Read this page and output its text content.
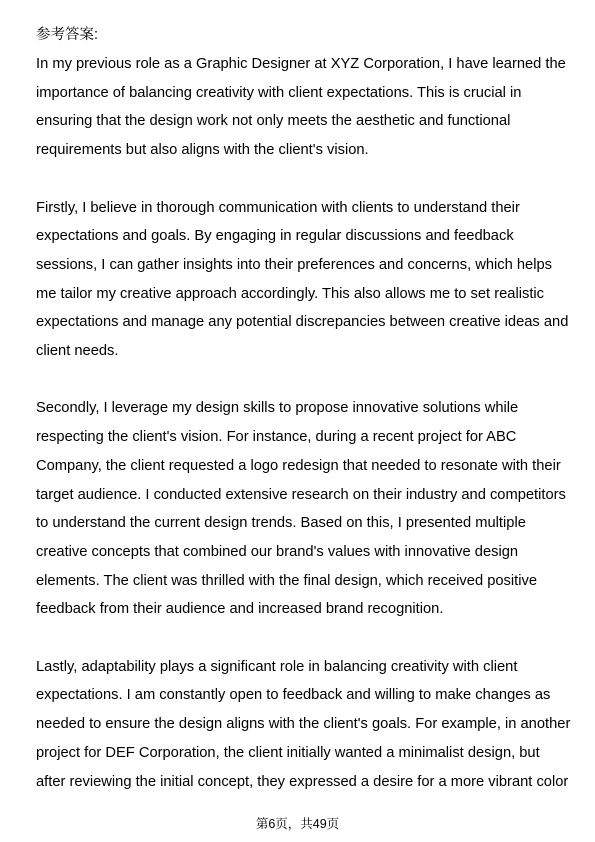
参考答案:
In my previous role as a Graphic Designer at XYZ Corporation, I have learned the
importance of balancing creativity with client expectations. This is crucial in
ensuring that the design work not only meets the aesthetic and functional
requirements but also aligns with the client's vision.
Firstly, I believe in thorough communication with clients to understand their
expectations and goals. By engaging in regular discussions and feedback
sessions, I can gather insights into their preferences and concerns, which helps
me tailor my creative approach accordingly. This also allows me to set realistic
expectations and manage any potential discrepancies between creative ideas and
client needs.
Secondly, I leverage my design skills to propose innovative solutions while
respecting the client's vision. For instance, during a recent project for ABC
Company, the client requested a logo redesign that needed to resonate with their
target audience. I conducted extensive research on their industry and competitors
to understand the current design trends. Based on this, I presented multiple
creative concepts that combined our brand's values with innovative design
elements. The client was thrilled with the final design, which received positive
feedback from their audience and increased brand recognition.
Lastly, adaptability plays a significant role in balancing creativity with client
expectations. I am constantly open to feedback and willing to make changes as
needed to ensure the design aligns with the client's goals. For example, in another
project for DEF Corporation, the client initially wanted a minimalist design, but
after reviewing the initial concept, they expressed a desire for a more vibrant color
第6页，共49页
